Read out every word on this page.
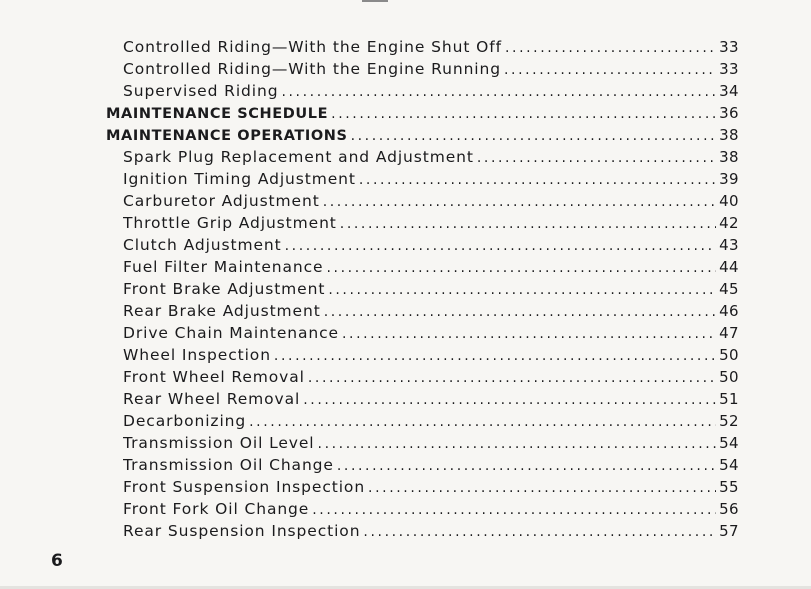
Controlled Riding—With the Engine Shut Off .....	33
Controlled Riding—With the Engine Running .....	33
Supervised Riding .....	34
MAINTENANCE SCHEDULE .....	36
MAINTENANCE OPERATIONS .....	38
Spark Plug Replacement and Adjustment .....	38
Ignition Timing Adjustment .....	39
Carburetor Adjustment .....	40
Throttle Grip Adjustment .....	42
Clutch Adjustment .....	43
Fuel Filter Maintenance .....	44
Front Brake Adjustment .....	45
Rear Brake Adjustment .....	46
Drive Chain Maintenance .....	47
Wheel Inspection .....	50
Front Wheel Removal .....	50
Rear Wheel Removal .....	51
Decarbonizing .....	52
Transmission Oil Level .....	54
Transmission Oil Change .....	54
Front Suspension Inspection .....	55
Front Fork Oil Change .....	56
Rear Suspension Inspection .....	57
6
